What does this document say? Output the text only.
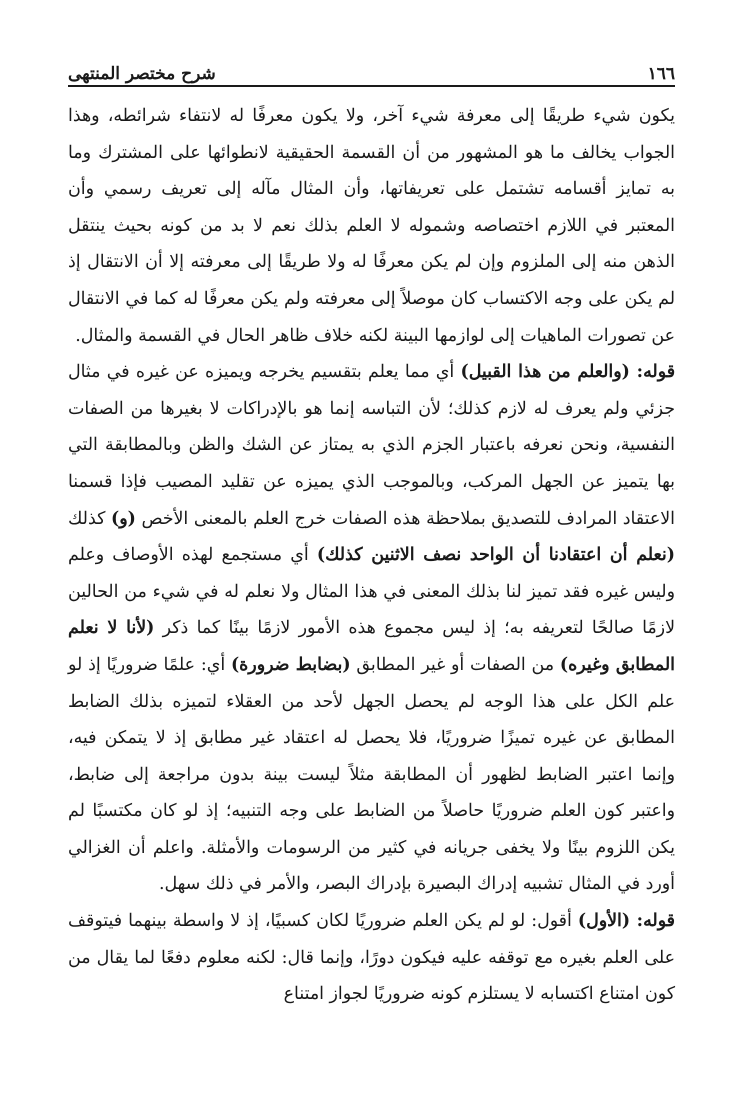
١٦٦
شرح مختصر المنتهى

يكون شيء طريقًا إلى معرفة شيء آخر، ولا يكون معرفًا له لانتفاء شرائطه، وهذا الجواب يخالف ما هو المشهور من أن القسمة الحقيقية لانطوائها على المشترك وما به تمايز أقسامه تشتمل على تعريفاتها، وأن المثال مآله إلى تعريف رسمي وأن المعتبر في اللازم اختصاصه وشموله لا العلم بذلك نعم لا بد من كونه بحيث ينتقل الذهن منه إلى الملزوم وإن لم يكن معرفًا له ولا طريقًا إلى معرفته إلا أن الانتقال إذ لم يكن على وجه الاكتساب كان موصلاً إلى معرفته ولم يكن معرفًا له كما في الانتقال عن تصورات الماهيات إلى لوازمها البينة لكنه خلاف ظاهر الحال في القسمة والمثال.

قوله: (والعلم من هذا القبيل) أي مما يعلم بتقسيم يخرجه ويميزه عن غيره في مثال جزئي ولم يعرف له لازم كذلك؛ لأن التباسه إنما هو بالإدراكات لا بغيرها من الصفات النفسية، ونحن نعرفه باعتبار الجزم الذي به يمتاز عن الشك والظن وبالمطابقة التي بها يتميز عن الجهل المركب، وبالموجب الذي يميزه عن تقليد المصيب فإذا قسمنا الاعتقاد المرادف للتصديق بملاحظة هذه الصفات خرج العلم بالمعنى الأخص (و) كذلك (نعلم أن اعتقادنا أن الواحد نصف الاثنين كذلك) أي مستجمع لهذه الأوصاف وعلم وليس غيره فقد تميز لنا بذلك المعنى في هذا المثال ولا نعلم له في شيء من الحالين لازمًا صالحًا لتعريفه به؛ إذ ليس مجموع هذه الأمور لازمًا بينًا كما ذكر (لأنا لا نعلم المطابق وغيره) من الصفات أو غير المطابق (بضابط ضرورة) أي: علمًا ضروريًا إذ لو علم الكل على هذا الوجه لم يحصل الجهل لأحد من العقلاء لتميزه بذلك الضابط المطابق عن غيره تميزًا ضروريًا، فلا يحصل له اعتقاد غير مطابق إذ لا يتمكن فيه، وإنما اعتبر الضابط لظهور أن المطابقة مثلاً ليست بينة بدون مراجعة إلى ضابط، واعتبر كون العلم ضروريًا حاصلاً من الضابط على وجه التنبيه؛ إذ لو كان مكتسبًا لم يكن اللزوم بينًا ولا يخفى جريانه في كثير من الرسومات والأمثلة. واعلم أن الغزالي أورد في المثال تشبيه إدراك البصيرة بإدراك البصر، والأمر في ذلك سهل.

قوله: (الأول) أقول: لو لم يكن العلم ضروريًا لكان كسبيًا، إذ لا واسطة بينهما فيتوقف على العلم بغيره مع توقفه عليه فيكون دورًا، وإنما قال: لكنه معلوم دفعًا لما يقال من كون امتناع اكتسابه لا يستلزم كونه ضروريًا لجواز امتناع
